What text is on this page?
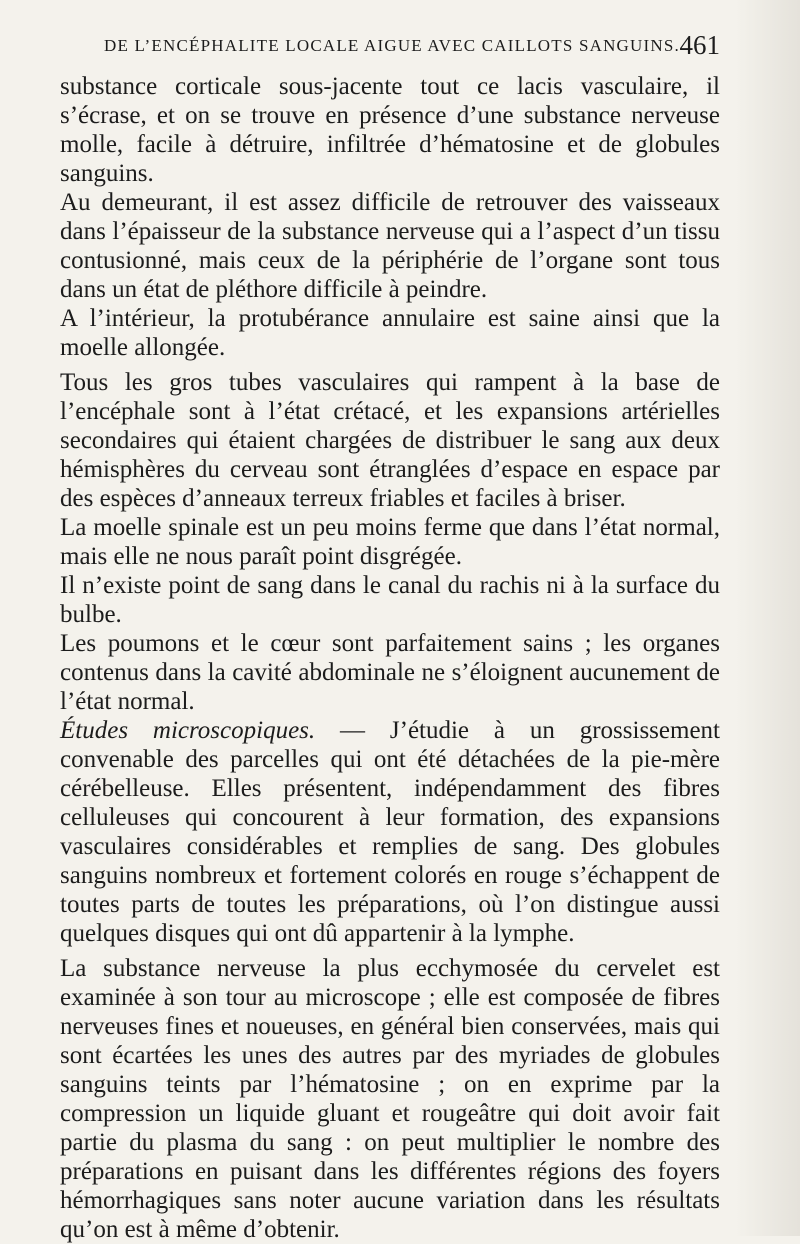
DE L’ENCÉPHALITE LOCALE AIGUE AVEC CAILLOTS SANGUINS. 461

substance corticale sous-jacente tout ce lacis vasculaire, il s’écrase, et on se trouve en présence d’une substance nerveuse molle, facile à détruire, infiltrée d’hématosine et de globules sanguins.

Au demeurant, il est assez difficile de retrouver des vaisseaux dans l’épaisseur de la substance nerveuse qui a l’aspect d’un tissu contusionné, mais ceux de la périphérie de l’organe sont tous dans un état de pléthore difficile à peindre.

A l’intérieur, la protubérance annulaire est saine ainsi que la moelle allongée.

Tous les gros tubes vasculaires qui rampent à la base de l’encéphale sont à l’état crétacé, et les expansions artérielles secondaires qui étaient chargées de distribuer le sang aux deux hémisphères du cerveau sont étranglées d’espace en espace par des espèces d’anneaux terreux friables et faciles à briser.

La moelle spinale est un peu moins ferme que dans l’état normal, mais elle ne nous paraît point disgrégée.

Il n’existe point de sang dans le canal du rachis ni à la surface du bulbe.

Les poumons et le cœur sont parfaitement sains ; les organes contenus dans la cavité abdominale ne s’éloignent aucunement de l’état normal.

Études microscopiques. — J’étudie à un grossissement convenable des parcelles qui ont été détachées de la pie-mère cérébelleuse. Elles présentent, indépendamment des fibres celluleuses qui concourent à leur formation, des expansions vasculaires considérables et remplies de sang. Des globules sanguins nombreux et fortement colorés en rouge s’échappent de toutes parts de toutes les préparations, où l’on distingue aussi quelques disques qui ont dû appartenir à la lymphe.

La substance nerveuse la plus ecchymosée du cervelet est examinée à son tour au microscope ; elle est composée de fibres nerveuses fines et noueuses, en général bien conservées, mais qui sont écartées les unes des autres par des myriades de globules sanguins teints par l’hématosine ; on en exprime par la compression un liquide gluant et rougeâtre qui doit avoir fait partie du plasma du sang : on peut multiplier le nombre des préparations en puisant dans les différentes régions des foyers hémorrhagiques sans noter aucune variation dans les résultats qu’on est à même d’obtenir.
